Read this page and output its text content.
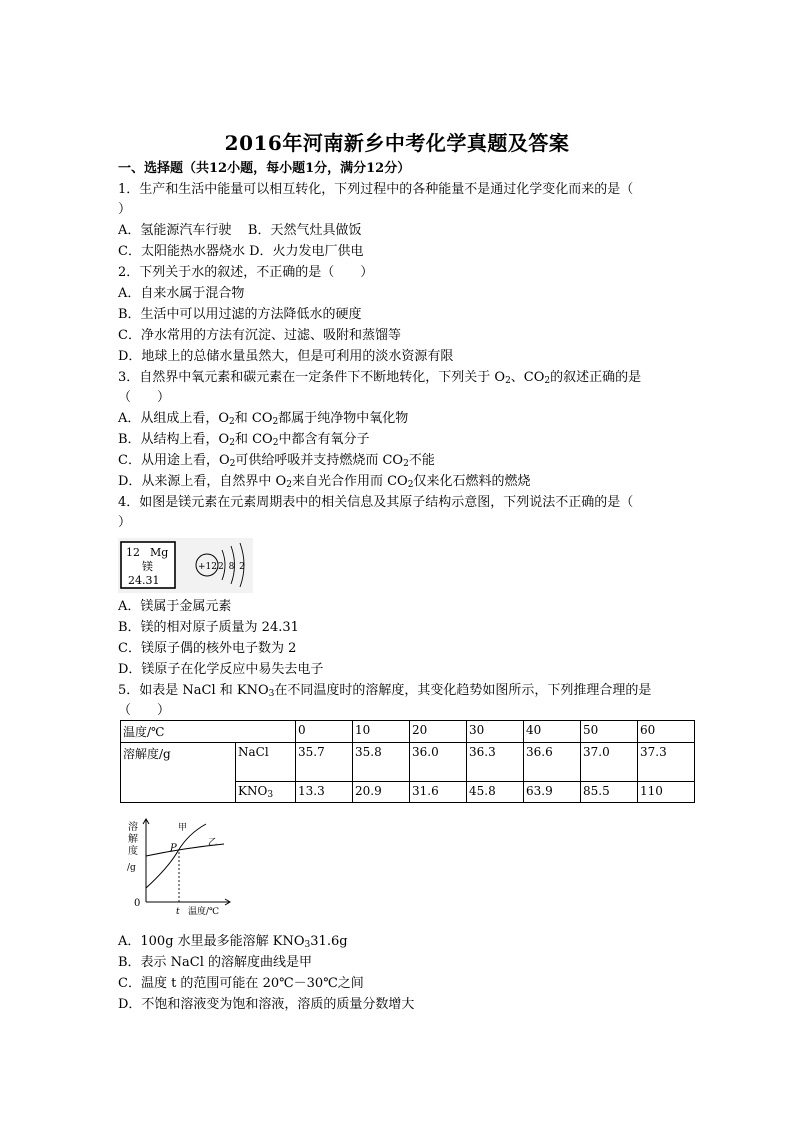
2016年河南新乡中考化学真题及答案
一、选择题（共12小题，每小题1分，满分12分）
1．生产和生活中能量可以相互转化，下列过程中的各种能量不是通过化学变化而来的是（
）
A．氢能源汽车行驶 B．天然气灶具做饭
C．太阳能热水器烧水 D．火力发电厂供电
2．下列关于水的叙述，不正确的是（　　）
A．自来水属于混合物
B．生活中可以用过滤的方法降低水的硬度
C．净水常用的方法有沉淀、过滤、吸附和蒸馏等
D．地球上的总储水量虽然大，但是可利用的淡水资源有限
3．自然界中氧元素和碳元素在一定条件下不断地转化，下列关于 $O_2$、$CO_2$的叙述正确的是
（　　）
A．从组成上看，$O_2$和 $CO_2$都属于纯净物中氧化物
B．从结构上看，$O_2$和 $CO_2$中都含有氧分子
C．从用途上看，$O_2$可供给呼吸并支持燃烧而 $CO_2$不能
D．从来源上看，自然界中 $O_2$来自光合作用而 $CO_2$仅来化石燃料的燃烧
4．如图是镁元素在元素周期表中的相关信息及其原子结构示意图，下列说法不正确的是（
）
12 Mg
镁
24.31
+12 2 8 2
A．镁属于金属元素
B．镁的相对原子质量为 24.31
C．镁原子偶的核外电子数为 2
D．镁原子在化学反应中易失去电子
5．如表是 NaCl 和 $KNO_3$在不同温度时的溶解度，其变化趋势如图所示，下列推理合理的是
（　　）
温度/℃		0	10	20	30	40	50	60
溶解度/g	NaCl	35.7	35.8	36.0	36.3	36.6	37.0	37.3
	$KNO_3$	13.3	20.9	31.6	45.8	63.9	85.5	110
溶
解
度
/g
0
甲
乙
P
t 温度/℃
A．100g 水里最多能溶解 $KNO_331.6g$
B．表示 NaCl 的溶解度曲线是甲
C．温度 t 的范围可能在 20℃－30℃之间
D．不饱和溶液变为饱和溶液，溶质的质量分数增大
